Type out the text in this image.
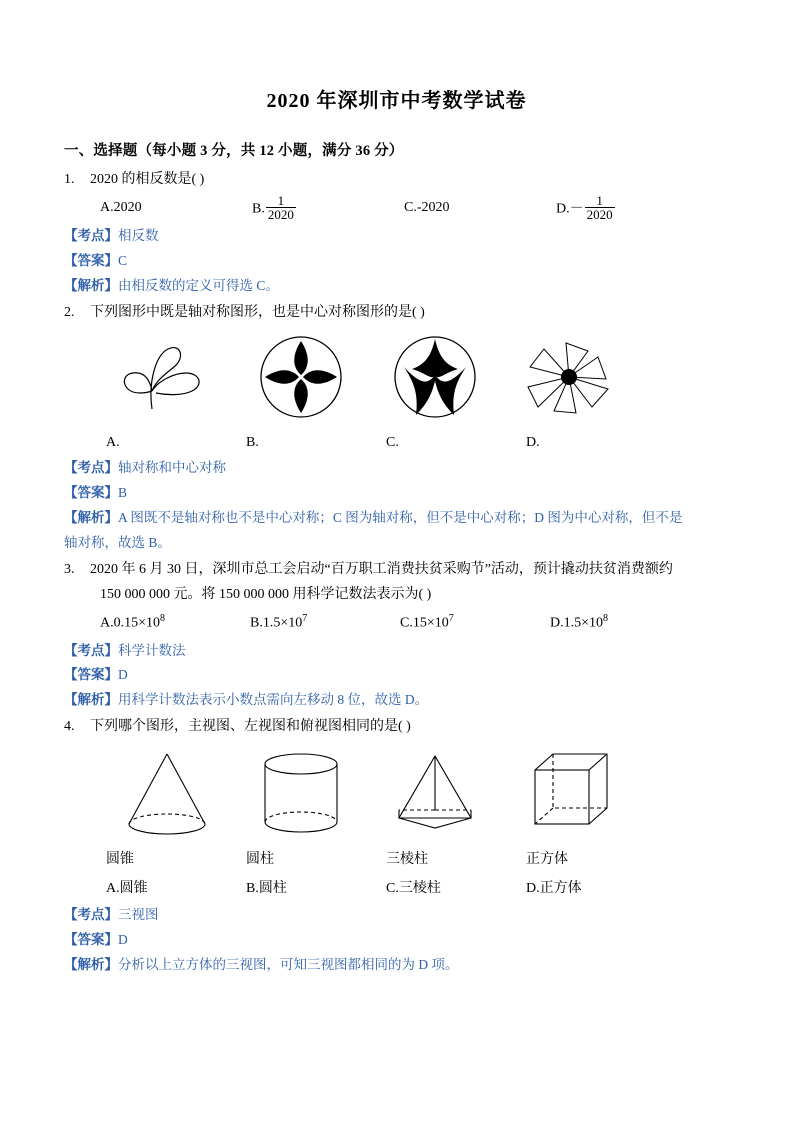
2020 年深圳市中考数学试卷
一、选择题（每小题 3 分，共 12 小题，满分 36 分）
1.	2020 的相反数是( )
A.2020	B. $\frac{1}{2020}$	C.-2020	$D.- \frac{1}{2020}$

【考点】相反数

【答案】C

【解析】由相反数的定义可得选 C。

2.	下列图形中既是轴对称图形，也是中心对称图形的是( )
A.	B.	C.	D.

【考点】轴对称和中心对称

【答案】B

【解析】A 图既不是轴对称也不是中心对称；C 图为轴对称，但不是中心对称；D 图为中心对称，但不是

轴对称，故选 B。

3.	2020 年 6 月 30 日，深圳市总工会启动“百万职工消费扶贫采购节”活动，预计撬动扶贫消费额约
150 000 000 元。将 150 000 000 用科学记数法表示为( )
$A.0.15\times 10^8$	$B.1.5\times 10^7$	$C.15\times 10^7$	$D.1.5\times 10^8$

【考点】科学计数法

【答案】D

【解析】用科学计数法表示小数点需向左移动 8 位，故选 D。

4.	下列哪个图形，主视图、左视图和俯视图相同的是( )
圆锥	圆柱	三棱柱	正方体
A.圆锥	B.圆柱	C.三棱柱	D.正方体

【考点】三视图

【答案】D

【解析】分析以上立方体的三视图，可知三视图都相同的为 D 项。
